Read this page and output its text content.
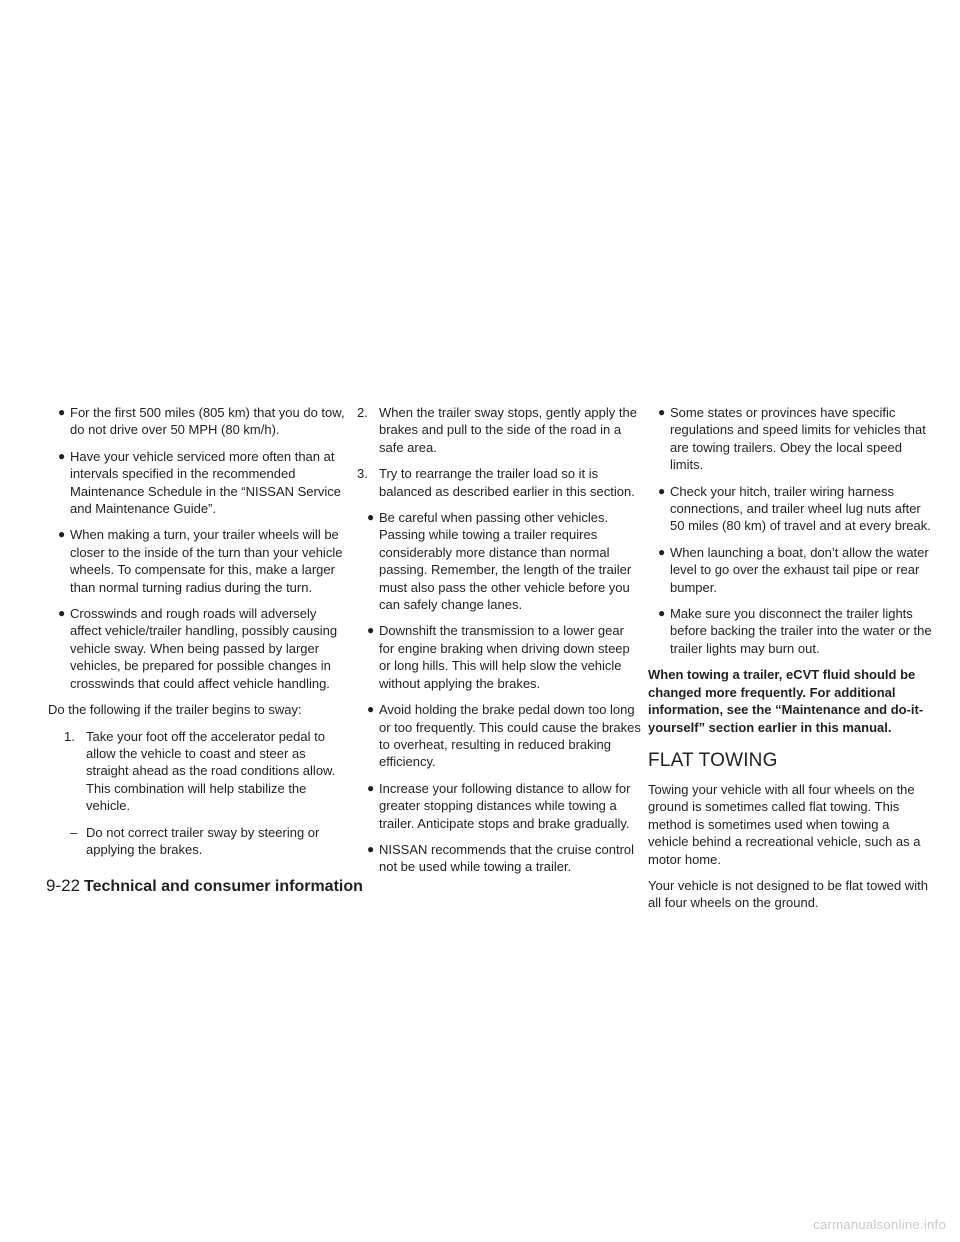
● For the first 500 miles (805 km) that you do tow, do not drive over 50 MPH (80 km/h).
● Have your vehicle serviced more often than at intervals specified in the recommended Maintenance Schedule in the “NISSAN Service and Maintenance Guide”.
● When making a turn, your trailer wheels will be closer to the inside of the turn than your vehicle wheels. To compensate for this, make a larger than normal turning radius during the turn.
● Crosswinds and rough roads will adversely affect vehicle/trailer handling, possibly causing vehicle sway. When being passed by larger vehicles, be prepared for possible changes in crosswinds that could affect vehicle handling.
Do the following if the trailer begins to sway:
1. Take your foot off the accelerator pedal to allow the vehicle to coast and steer as straight ahead as the road conditions allow. This combination will help stabilize the vehicle.
– Do not correct trailer sway by steering or applying the brakes.
2. When the trailer sway stops, gently apply the brakes and pull to the side of the road in a safe area.
3. Try to rearrange the trailer load so it is balanced as described earlier in this section.
● Be careful when passing other vehicles. Passing while towing a trailer requires considerably more distance than normal passing. Remember, the length of the trailer must also pass the other vehicle before you can safely change lanes.
● Downshift the transmission to a lower gear for engine braking when driving down steep or long hills. This will help slow the vehicle without applying the brakes.
● Avoid holding the brake pedal down too long or too frequently. This could cause the brakes to overheat, resulting in reduced braking efficiency.
● Increase your following distance to allow for greater stopping distances while towing a trailer. Anticipate stops and brake gradually.
● NISSAN recommends that the cruise control not be used while towing a trailer.
● Some states or provinces have specific regulations and speed limits for vehicles that are towing trailers. Obey the local speed limits.
● Check your hitch, trailer wiring harness connections, and trailer wheel lug nuts after 50 miles (80 km) of travel and at every break.
● When launching a boat, don’t allow the water level to go over the exhaust tail pipe or rear bumper.
● Make sure you disconnect the trailer lights before backing the trailer into the water or the trailer lights may burn out.
When towing a trailer, eCVT fluid should be changed more frequently. For additional information, see the “Maintenance and do-it-yourself” section earlier in this manual.
FLAT TOWING
Towing your vehicle with all four wheels on the ground is sometimes called flat towing. This method is sometimes used when towing a vehicle behind a recreational vehicle, such as a motor home.
Your vehicle is not designed to be flat towed with all four wheels on the ground.
9-22 Technical and consumer information
carmanualsonline.info
